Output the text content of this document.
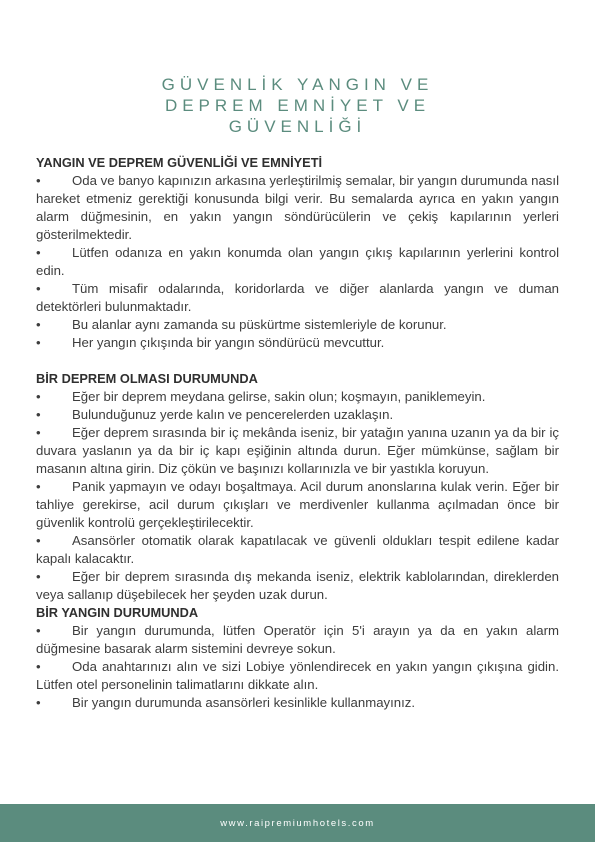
GÜVENLİK YANGIN VE
DEPREM EMNİYET VE
GÜVENLİĞİ
YANGIN VE DEPREM GÜVENLİĞİ VE EMNİYETİ
• Oda ve banyo kapınızın arkasına yerleştirilmiş semalar, bir yangın durumunda nasıl hareket etmeniz gerektiği konusunda bilgi verir. Bu semalarda ayrıca en yakın yangın alarm düğmesinin, en yakın yangın söndürücülerin ve çekiş kapılarının yerleri gösterilmektedir.
• Lütfen odanıza en yakın konumda olan yangın çıkış kapılarının yerlerini kontrol edin.
• Tüm misafir odalarında, koridorlarda ve diğer alanlarda yangın ve duman detektörleri bulunmaktadır.
• Bu alanlar aynı zamanda su püskürtme sistemleriyle de korunur.
• Her yangın çıkışında bir yangın söndürücü mevcuttur.
BİR DEPREM OLMASI DURUMUNDA
• Eğer bir deprem meydana gelirse, sakin olun; koşmayın, paniklemeyin.
• Bulunduğunuz yerde kalın ve pencerelerden uzaklaşın.
• Eğer deprem sırasında bir iç mekânda iseniz, bir yatağın yanına uzanın ya da bir iç duvara yaslanın ya da bir iç kapı eşiğinin altında durun. Eğer mümkünse, sağlam bir masanın altına girin. Diz çökün ve başınızı kollarınızla ve bir yastıkla koruyun.
• Panik yapmayın ve odayı boşaltmaya. Acil durum anonslarına kulak verin. Eğer bir tahliye gerekirse, acil durum çıkışları ve merdivenler kullanma açılmadan önce bir güvenlik kontrolü gerçekleştirilecektir.
• Asansörler otomatik olarak kapatılacak ve güvenli oldukları tespit edilene kadar kapalı kalacaktır.
• Eğer bir deprem sırasında dış mekanda iseniz, elektrik kablolarından, direklerden veya sallanıp düşebilecek her şeyden uzak durun.
BİR YANGIN DURUMUNDA
• Bir yangın durumunda, lütfen Operatör için 5'i arayın ya da en yakın alarm düğmesine basarak alarm sistemini devreye sokun.
• Oda anahtarınızı alın ve sizi Lobiye yönlendirecek en yakın yangın çıkışına gidin. Lütfen otel personelinin talimatlarını dikkate alın.
• Bir yangın durumunda asansörleri kesinlikle kullanmayınız.
www.raipremiumhotels.com
